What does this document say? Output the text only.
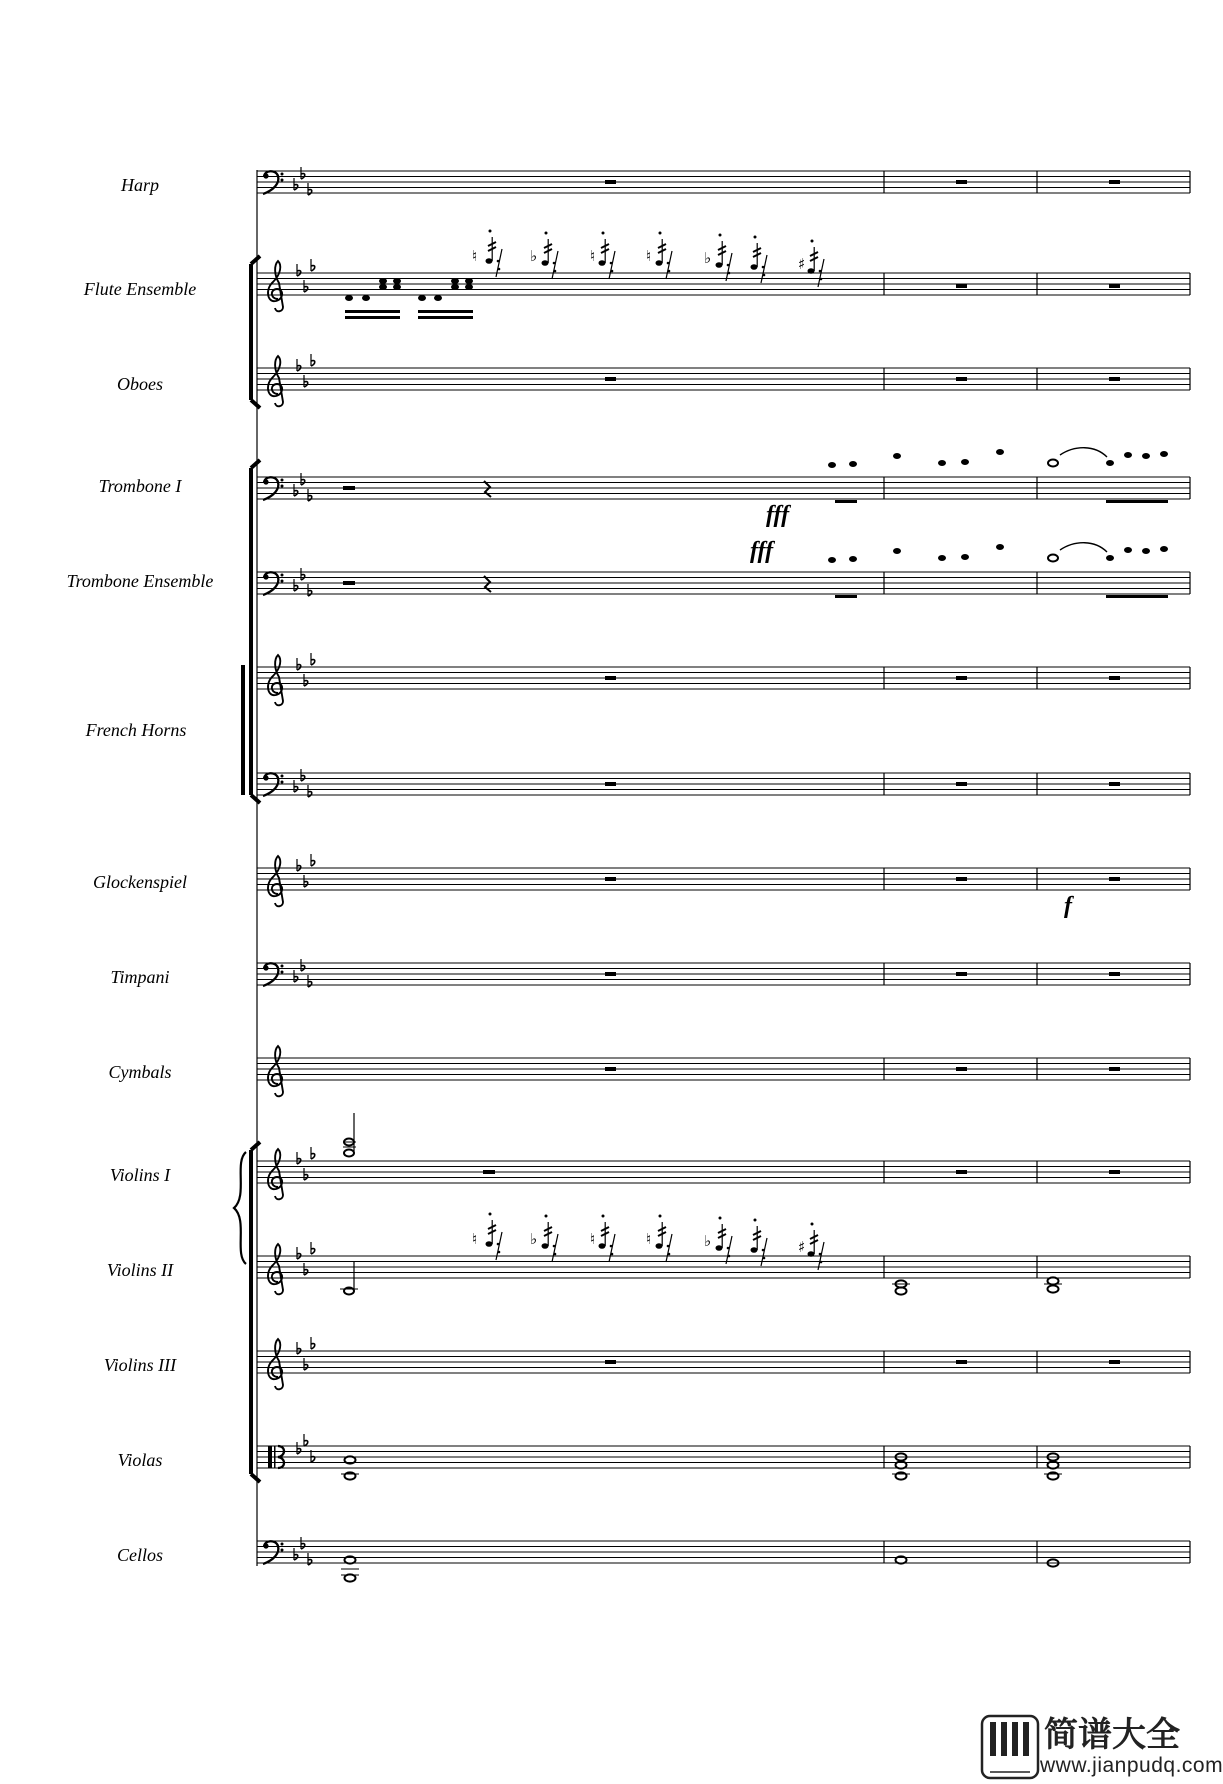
Harp
Flute Ensemble
Oboes
Trombone I
Trombone Ensemble
French Horns
Glockenspiel
Timpani
Cymbals
Violins I
Violins II
Violins III
Violas
Cellos
♮	♭	♮	♮	♭	♯
fff
fff
f
♮	♭	♮	♮	♭	♯
简谱大全
www.jianpudq.com
